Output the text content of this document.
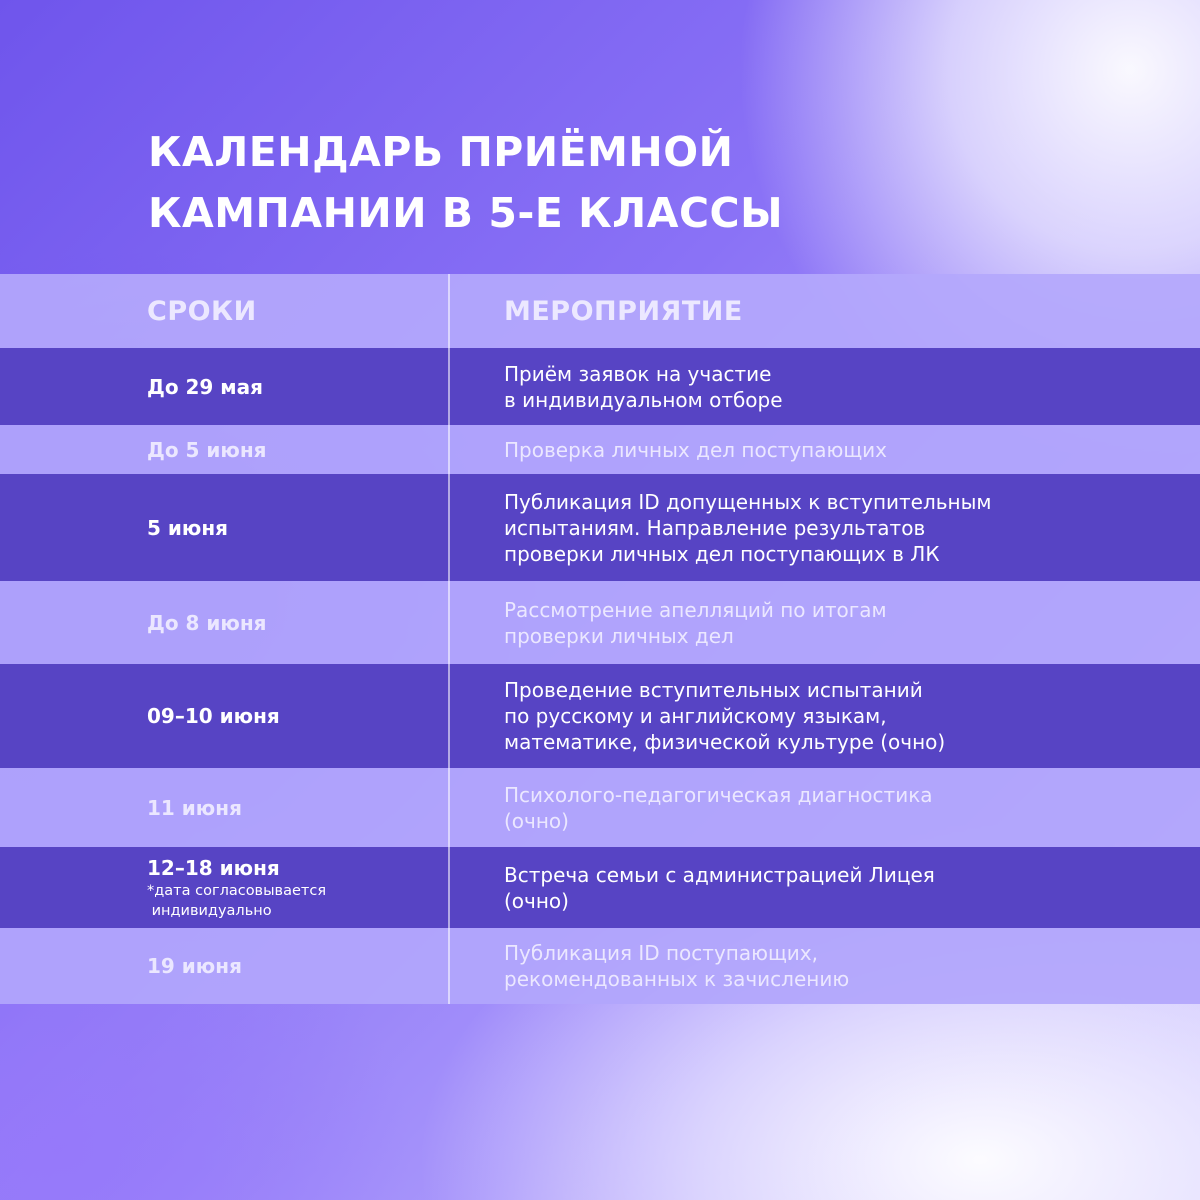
КАЛЕНДАРЬ ПРИЁМНОЙ
КАМПАНИИ В 5-Е КЛАССЫ
СРОКИ	МЕРОПРИЯТИЕ
До 29 мая
Приём заявок на участие
в индивидуальном отборе
До 5 июня	Проверка личных дел поступающих
5 июня
Публикация ID допущенных к вступительным
испытаниям. Направление результатов
проверки личных дел поступающих в ЛК
До 8 июня
Рассмотрение апелляций по итогам
проверки личных дел
09–10 июня
Проведение вступительных испытаний
по русскому и английскому языкам,
математике, физической культуре (очно)
11 июня
Психолого-педагогическая диагностика
(очно)
12–18 июня
*дата согласовывается
индивидуально
Встреча семьи с администрацией Лицея
(очно)
19 июня
Публикация ID поступающих,
рекомендованных к зачислению
